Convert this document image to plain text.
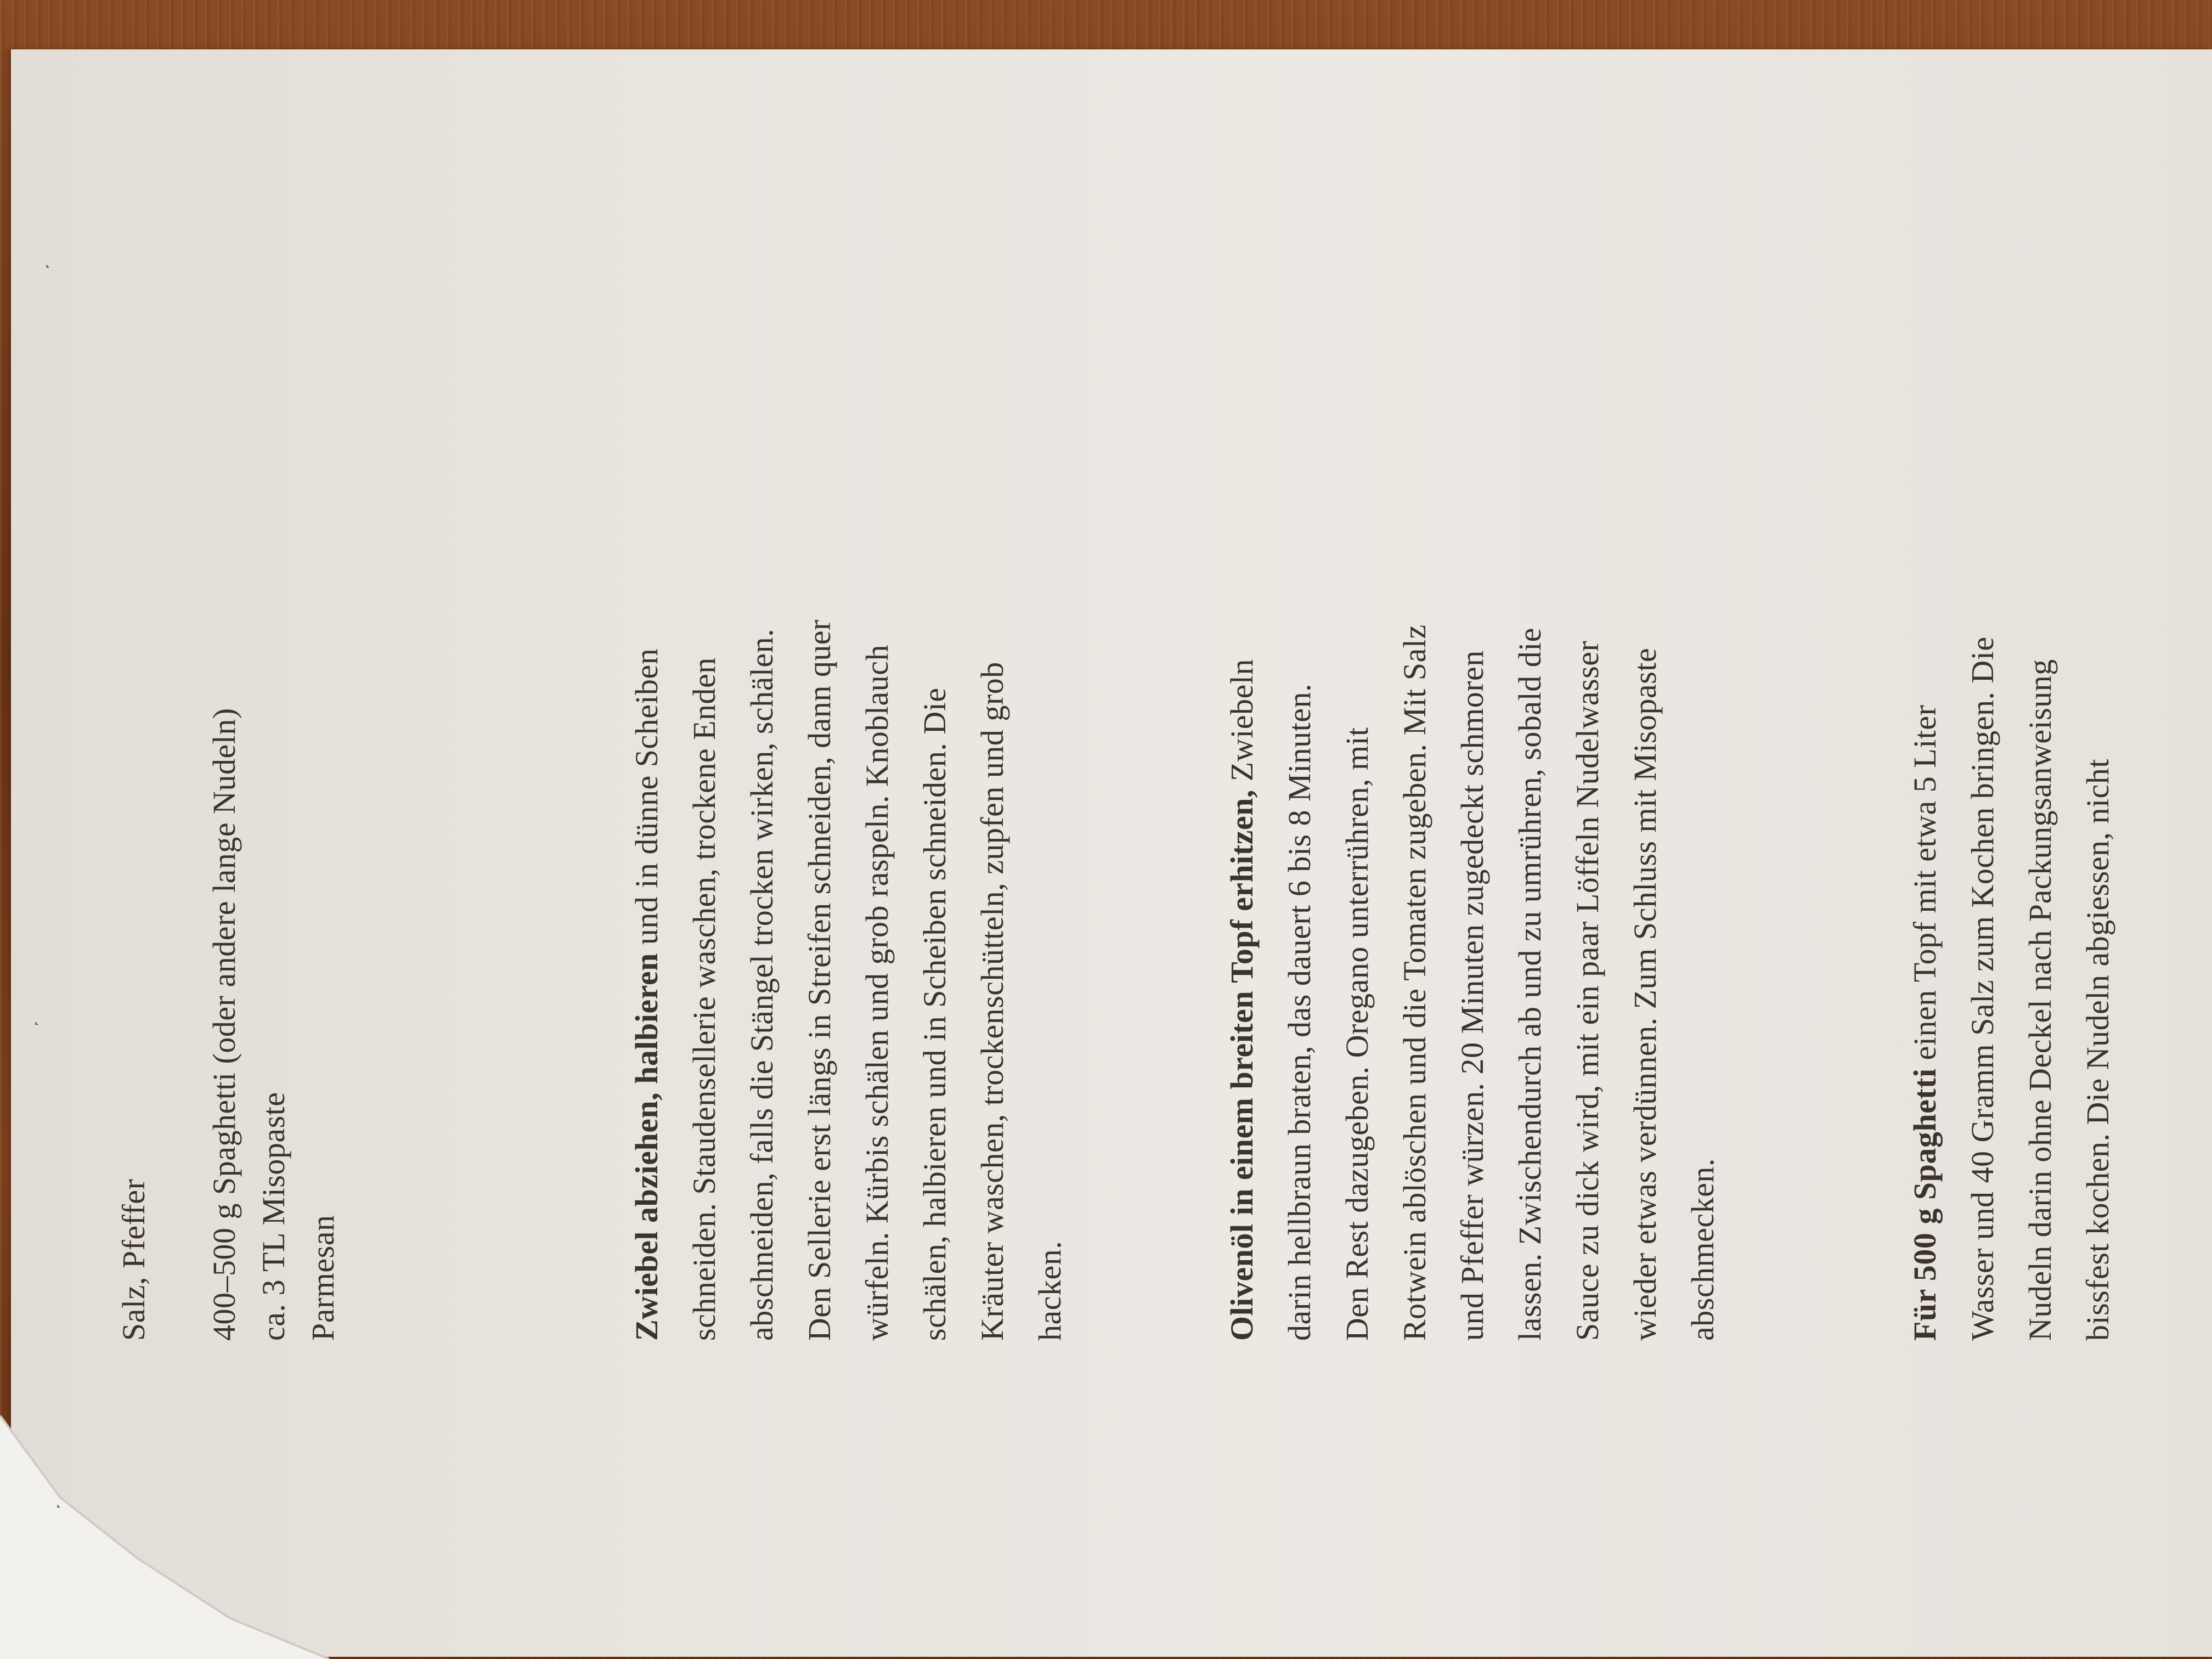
˛
˛
˛
Salz, Pfeffer 400–500 g Spaghetti (oder andere lange Nudeln) ca. 3 TL Misopaste Parmesan	Zwiebel abziehen, halbieren und in dünne Scheiben schneiden. Staudensellerie waschen, trockene Enden abschneiden, falls die Stängel trocken wirken, schälen. Den Sellerie erst längs in Streifen schneiden, dann quer würfeln. Kürbis schälen und grob raspeln. Knoblauch schälen, halbieren und in Scheiben schneiden. Die Kräuter waschen, trockenschütteln, zupfen und grob hacken.	Olivenöl in einem breiten Topf erhitzen, Zwiebeln darin hellbraun braten, das dauert 6 bis 8 Minuten. Den Rest dazugeben. Oregano unterrühren, mit Rotwein ablöschen und die Tomaten zugeben. Mit Salz und Pfeffer würzen. 20 Minuten zugedeckt schmoren lassen. Zwischendurch ab und zu umrühren, sobald die Sauce zu dick wird, mit ein paar Löffeln Nudelwasser wieder etwas verdünnen. Zum Schluss mit Misopaste abschmecken.	Für 500 g Spaghetti einen Topf mit etwa 5 Liter Wasser und 40 Gramm Salz zum Kochen bringen. Die Nudeln darin ohne Deckel nach Packungsanweisung bissfest kochen. Die Nudeln abgiessen, nicht
